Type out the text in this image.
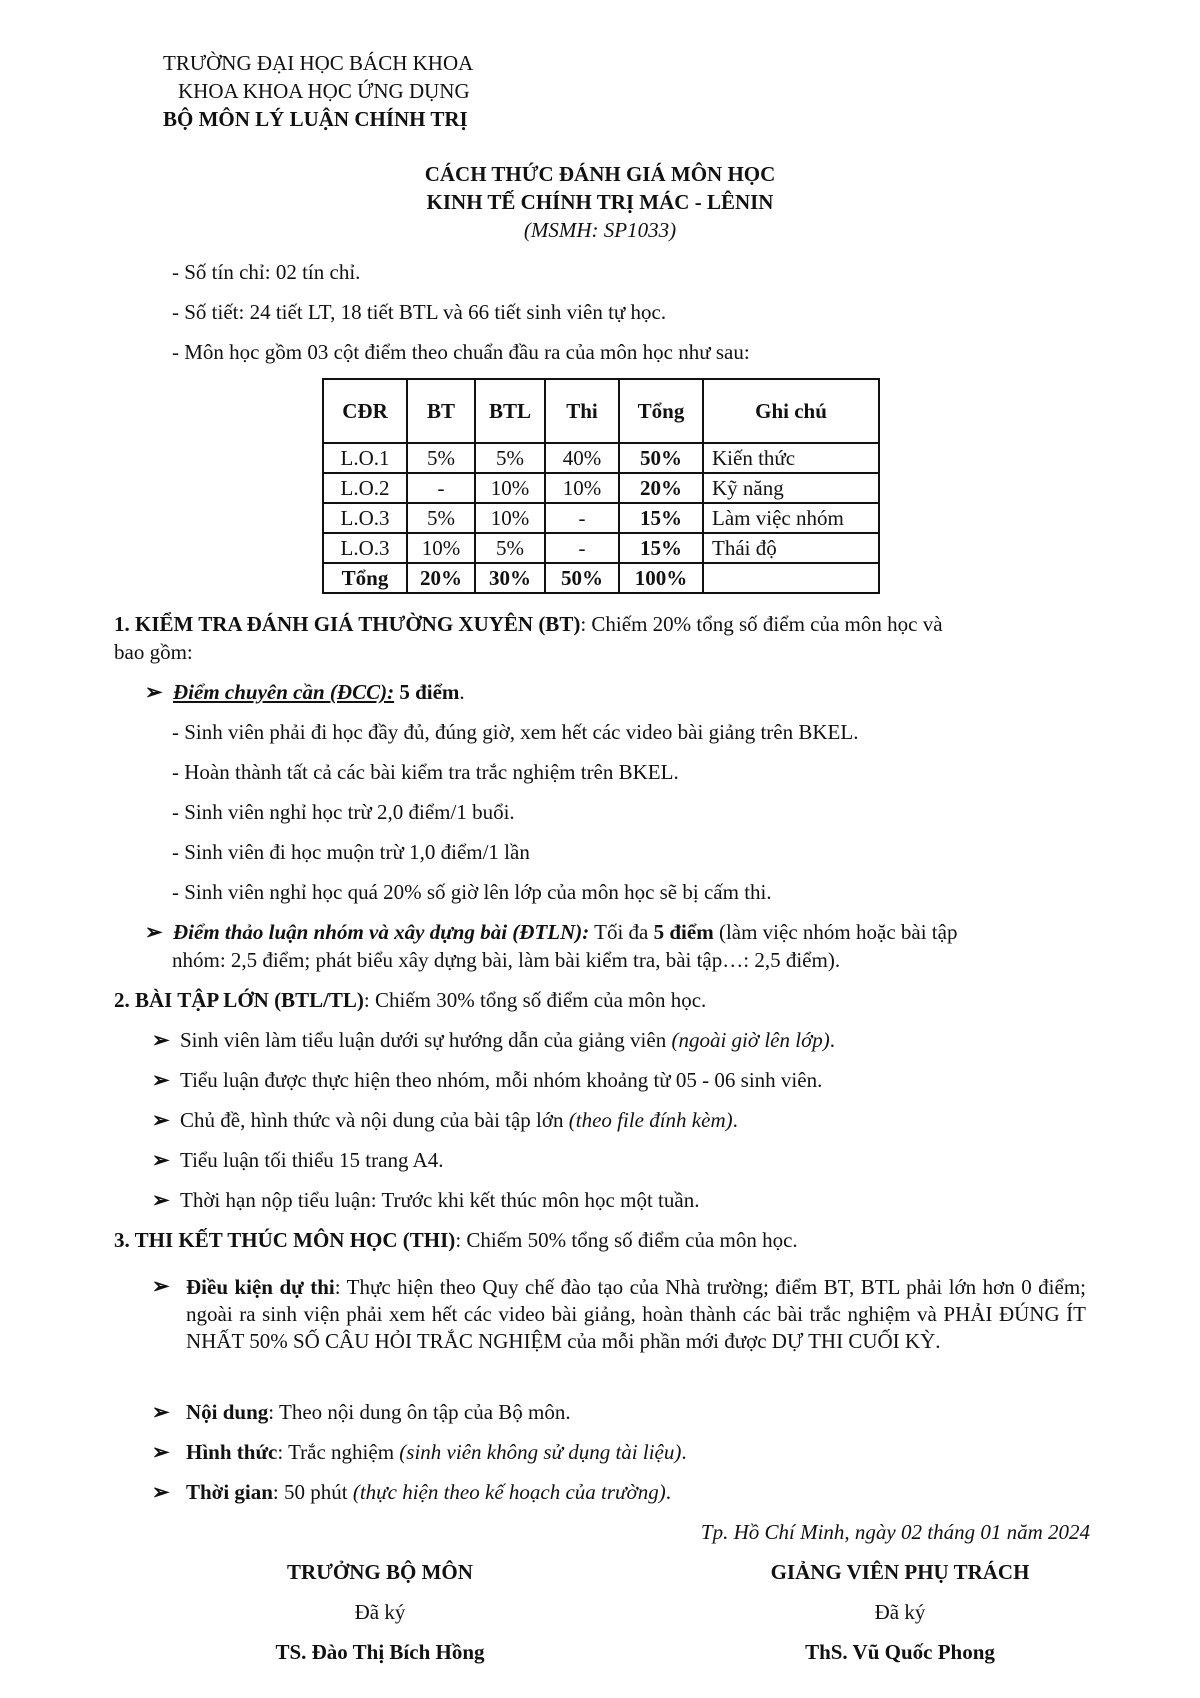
TRƯỜNG ĐẠI HỌC BÁCH KHOA
KHOA KHOA HỌC ỨNG DỤNG
BỘ MÔN LÝ LUẬN CHÍNH TRỊ
CÁCH THỨC ĐÁNH GIÁ MÔN HỌC
KINH TẾ CHÍNH TRỊ MÁC - LÊNIN
(MSMH: SP1033)
- Số tín chỉ: 02 tín chỉ.
- Số tiết: 24 tiết LT, 18 tiết BTL và 66 tiết sinh viên tự học.
- Môn học gồm 03 cột điểm theo chuẩn đầu ra của môn học như sau:
CĐR	BT	BTL	Thi	Tổng	Ghi chú
L.O.1	5%	5%	40%	50%	Kiến thức
L.O.2	-	10%	10%	20%	Kỹ năng
L.O.3	5%	10%	-	15%	Làm việc nhóm
L.O.3	10%	5%	-	15%	Thái độ
Tổng	20%	30%	50%	100%	
1. KIỂM TRA ĐÁNH GIÁ THƯỜNG XUYÊN (BT): Chiếm 20% tổng số điểm của môn học và
bao gồm:
➢ Điểm chuyên cần (ĐCC): 5 điểm.
- Sinh viên phải đi học đầy đủ, đúng giờ, xem hết các video bài giảng trên BKEL.
- Hoàn thành tất cả các bài kiểm tra trắc nghiệm trên BKEL.
- Sinh viên nghỉ học trừ 2,0 điểm/1 buổi.
- Sinh viên đi học muộn trừ 1,0 điểm/1 lần
- Sinh viên nghỉ học quá 20% số giờ lên lớp của môn học sẽ bị cấm thi.
➢ Điểm thảo luận nhóm và xây dựng bài (ĐTLN): Tối đa 5 điểm (làm việc nhóm hoặc bài tập
nhóm: 2,5 điểm; phát biểu xây dựng bài, làm bài kiểm tra, bài tập…: 2,5 điểm).
2. BÀI TẬP LỚN (BTL/TL): Chiếm 30% tổng số điểm của môn học.
➢ Sinh viên làm tiểu luận dưới sự hướng dẫn của giảng viên (ngoài giờ lên lớp).
➢ Tiểu luận được thực hiện theo nhóm, mỗi nhóm khoảng từ 05 - 06 sinh viên.
➢ Chủ đề, hình thức và nội dung của bài tập lớn (theo file đính kèm).
➢ Tiểu luận tối thiểu 15 trang A4.
➢ Thời hạn nộp tiểu luận: Trước khi kết thúc môn học một tuần.
3. THI KẾT THÚC MÔN HỌC (THI): Chiếm 50% tổng số điểm của môn học.
➢ Điều kiện dự thi: Thực hiện theo Quy chế đào tạo của Nhà trường; điểm BT, BTL phải lớn hơn 0 điểm; ngoài ra sinh viện phải xem hết các video bài giảng, hoàn thành các bài trắc nghiệm và PHẢI ĐÚNG ÍT NHẤT 50% SỐ CÂU HỎI TRẮC NGHIỆM của mỗi phần mới được DỰ THI CUỐI KỲ.
➢ Nội dung: Theo nội dung ôn tập của Bộ môn.
➢ Hình thức: Trắc nghiệm (sinh viên không sử dụng tài liệu).
➢ Thời gian: 50 phút (thực hiện theo kế hoạch của trường).
Tp. Hồ Chí Minh, ngày 02 tháng 01 năm 2024
TRƯỞNG BỘ MÔN
Đã ký
TS. Đào Thị Bích Hồng
GIẢNG VIÊN PHỤ TRÁCH
Đã ký
ThS. Vũ Quốc Phong
